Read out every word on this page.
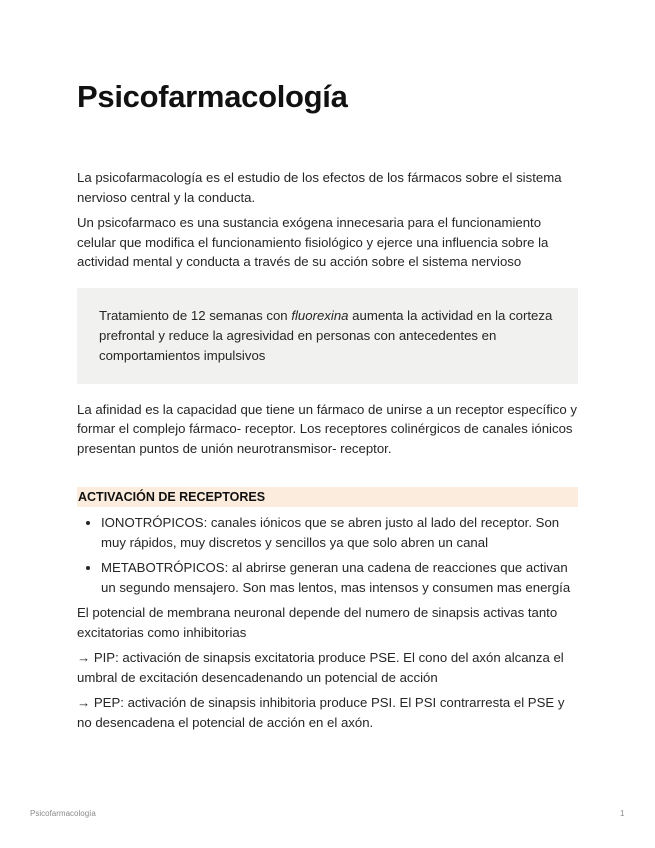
Psicofarmacología

La psicofarmacología es el estudio de los efectos de los fármacos sobre el sistema nervioso central y la conducta.

Un psicofarmaco es una sustancia exógena innecesaria para el funcionamiento celular que modifica el funcionamiento fisiológico y ejerce una influencia sobre la actividad mental y conducta a través de su acción sobre el sistema nervioso

Tratamiento de 12 semanas con fluorexina aumenta la actividad en la corteza prefrontal y reduce la agresividad en personas con antecedentes en comportamientos impulsivos

La afinidad es la capacidad que tiene un fármaco de unirse a un receptor específico y formar el complejo fármaco- receptor. Los receptores colinérgicos de canales iónicos presentan puntos de unión neurotransmisor- receptor.

ACTIVACIÓN DE RECEPTORES
• IONOTRÓPICOS: canales iónicos que se abren justo al lado del receptor. Son muy rápidos, muy discretos y sencillos ya que solo abren un canal
• METABOTRÓPICOS: al abrirse generan una cadena de reacciones que activan un segundo mensajero. Son mas lentos, mas intensos y consumen mas energía

El potencial de membrana neuronal depende del numero de sinapsis activas tanto excitatorias como inhibitorias

→ PIP: activación de sinapsis excitatoria produce PSE. El cono del axón alcanza el umbral de excitación desencadenando un potencial de acción

→ PEP: activación de sinapsis inhibitoria produce PSI. El PSI contrarresta el PSE y no desencadena el potencial de acción en el axón.

Psicofarmacología	1
